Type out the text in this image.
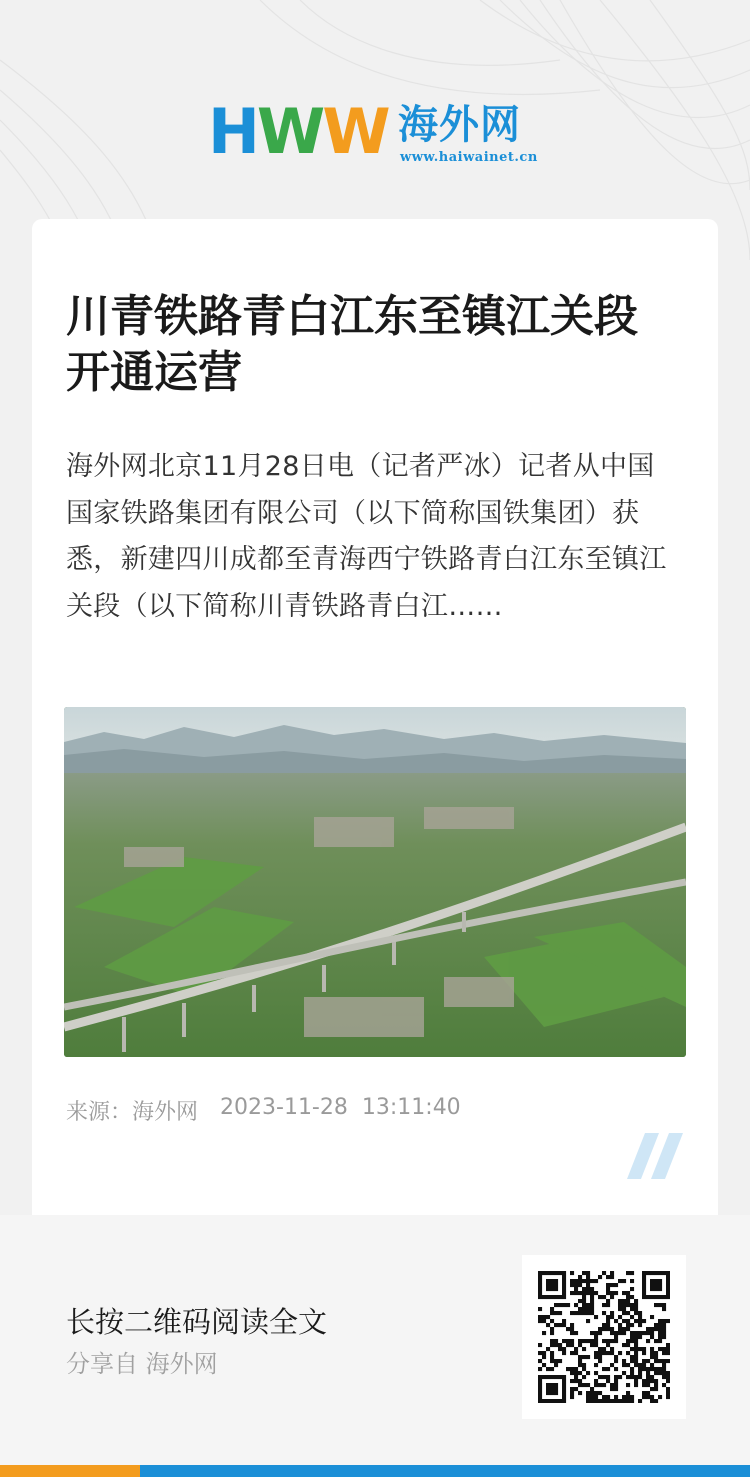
H W W 海外网
www.haiwainet.cn
川青铁路青白江东至镇江关段开通运营

海外网北京11月28日电（记者严冰）记者从中国国家铁路集团有限公司（以下简称国铁集团）获悉，新建四川成都至青海西宁铁路青白江东至镇江关段（以下简称川青铁路青白江……

来源：海外网 2023-11-28 13:11:40
长按二维码阅读全文
分享自 海外网
